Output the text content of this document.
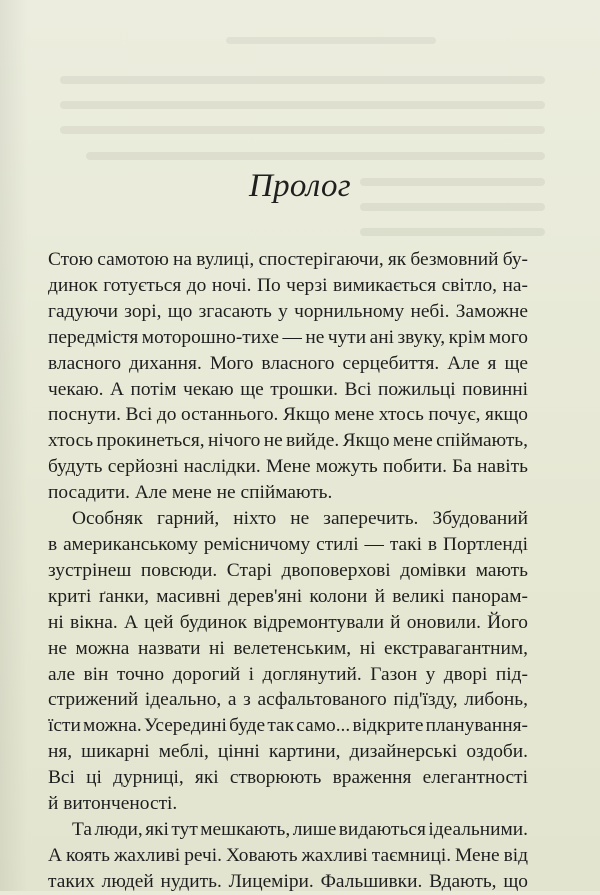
Пролог

Стою самотою на вулиці, спостерігаючи, як безмовний бу-
динок готується до ночі. По черзі вимикається світло, на-
гадуючи зорі, що згасають у чорнильному небі. Заможне
передмістя моторошно-тихе — не чути ані звуку, крім мого
власного дихання. Мого власного серцебиття. Але я ще
чекаю. А потім чекаю ще трошки. Всі пожильці повинні
поснути. Всі до останнього. Якщо мене хтось почує, якщо
хтось прокинеться, нічого не вийде. Якщо мене спіймають,
будуть серйозні наслідки. Мене можуть побити. Ба навіть
посадити. Але мене не спіймають.

Особняк гарний, ніхто не заперечить. Збудований
в американському ремісничому стилі — такі в Портленді
зустрінеш повсюди. Старі двоповерхові домівки мають
криті ґанки, масивні дерев'яні колони й великі панорам-
ні вікна. А цей будинок відремонтували й оновили. Його
не можна назвати ні велетенським, ні екстравагантним,
але він точно дорогий і доглянутий. Газон у дворі під-
стрижений ідеально, а з асфальтованого під'їзду, либонь,
їсти можна. Усередині буде так само... відкрите планування-
ня, шикарні меблі, цінні картини, дизайнерські оздоби.
Всі ці дурниці, які створюють враження елегантності
й витонченості.

Та люди, які тут мешкають, лише видаються ідеальними.
А коять жахливі речі. Ховають жахливі таємниці. Мене від
таких людей нудить. Лицеміри. Фальшивки. Вдають, що
